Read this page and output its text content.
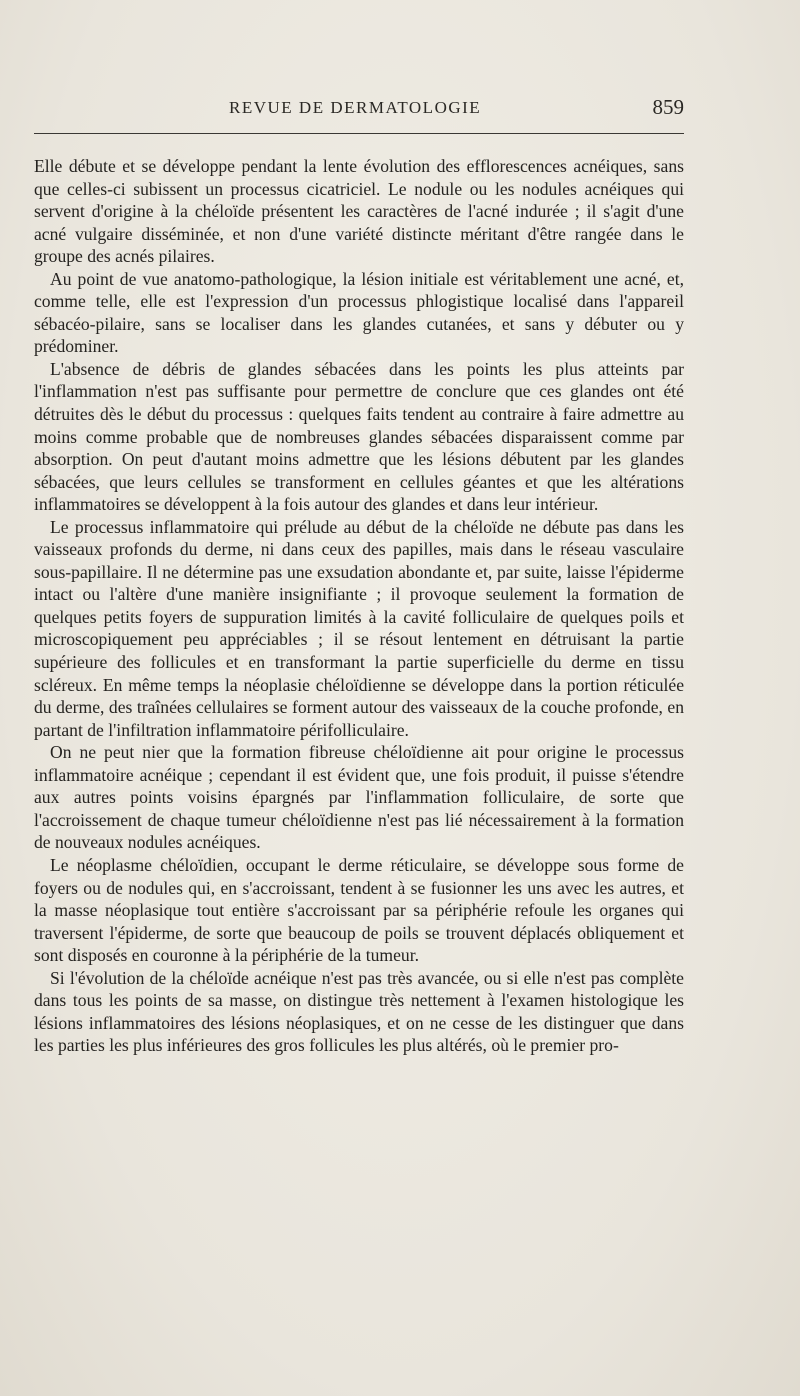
REVUE DE DERMATOLOGIE	859

Elle débute et se développe pendant la lente évolution des efflorescences acnéiques, sans que celles-ci subissent un processus cicatriciel. Le nodule ou les nodules acnéiques qui servent d'origine à la chéloïde présentent les caractères de l'acné indurée ; il s'agit d'une acné vulgaire disséminée, et non d'une variété distincte méritant d'être rangée dans le groupe des acnés pilaires.

Au point de vue anatomo-pathologique, la lésion initiale est véritablement une acné, et, comme telle, elle est l'expression d'un processus phlogistique localisé dans l'appareil sébacéo-pilaire, sans se localiser dans les glandes cutanées, et sans y débuter ou y prédominer.

L'absence de débris de glandes sébacées dans les points les plus atteints par l'inflammation n'est pas suffisante pour permettre de conclure que ces glandes ont été détruites dès le début du processus : quelques faits tendent au contraire à faire admettre au moins comme probable que de nombreuses glandes sébacées disparaissent comme par absorption. On peut d'autant moins admettre que les lésions débutent par les glandes sébacées, que leurs cellules se transforment en cellules géantes et que les altérations inflammatoires se développent à la fois autour des glandes et dans leur intérieur.

Le processus inflammatoire qui prélude au début de la chéloïde ne débute pas dans les vaisseaux profonds du derme, ni dans ceux des papilles, mais dans le réseau vasculaire sous-papillaire. Il ne détermine pas une exsudation abondante et, par suite, laisse l'épiderme intact ou l'altère d'une manière insignifiante ; il provoque seulement la formation de quelques petits foyers de suppuration limités à la cavité folliculaire de quelques poils et microscopiquement peu appréciables ; il se résout lentement en détruisant la partie supérieure des follicules et en transformant la partie superficielle du derme en tissu scléreux. En même temps la néoplasie chéloïdienne se développe dans la portion réticulée du derme, des traînées cellulaires se forment autour des vaisseaux de la couche profonde, en partant de l'infiltration inflammatoire périfolliculaire.

On ne peut nier que la formation fibreuse chéloïdienne ait pour origine le processus inflammatoire acnéique ; cependant il est évident que, une fois produit, il puisse s'étendre aux autres points voisins épargnés par l'inflammation folliculaire, de sorte que l'accroissement de chaque tumeur chéloïdienne n'est pas lié nécessairement à la formation de nouveaux nodules acnéiques.

Le néoplasme chéloïdien, occupant le derme réticulaire, se développe sous forme de foyers ou de nodules qui, en s'accroissant, tendent à se fusionner les uns avec les autres, et la masse néoplasique tout entière s'accroissant par sa périphérie refoule les organes qui traversent l'épiderme, de sorte que beaucoup de poils se trouvent déplacés obliquement et sont disposés en couronne à la périphérie de la tumeur.

Si l'évolution de la chéloïde acnéique n'est pas très avancée, ou si elle n'est pas complète dans tous les points de sa masse, on distingue très nettement à l'examen histologique les lésions inflammatoires des lésions néoplasiques, et on ne cesse de les distinguer que dans les parties les plus inférieures des gros follicules les plus altérés, où le premier pro-
